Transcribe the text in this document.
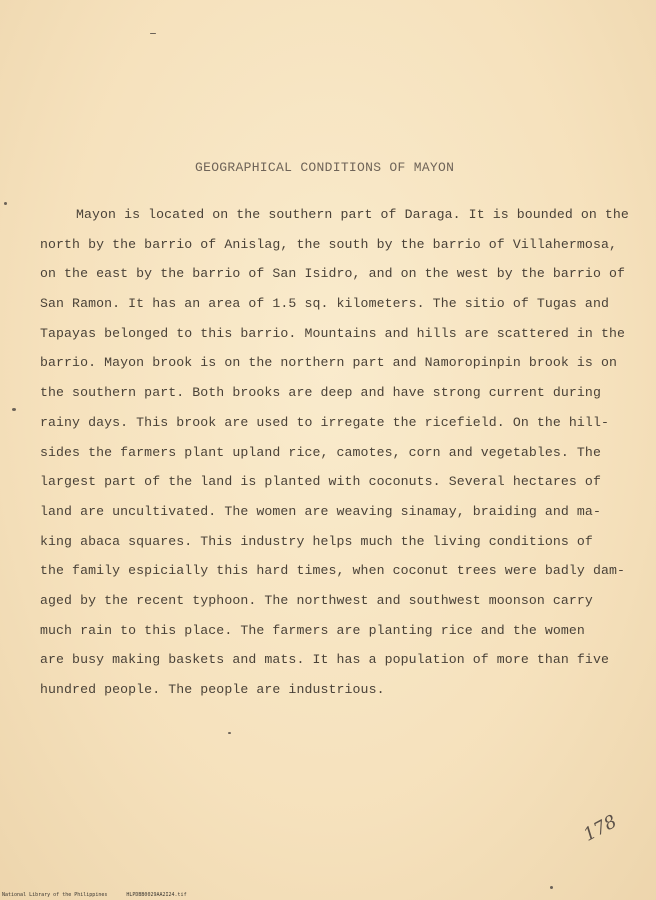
GEOGRAPHICAL CONDITIONS OF MAYON
Mayon is located on the southern part of Daraga. It is bounded on the
north by the barrio of Anislag, the south by the barrio of Villahermosa,
on the east by the barrio of San Isidro, and on the west by the barrio of
San Ramon. It has an area of 1.5 sq. kilometers. The sitio of Tugas and
Tapayas belonged to this barrio. Mountains and hills are scattered in the
barrio. Mayon brook is on the northern part and Namoropinpin brook is on
the southern part. Both brooks are deep and have strong current during
rainy days. This brook are used to irregate the ricefield. On the hill-
sides the farmers plant upland rice, camotes, corn and vegetables. The
largest part of the land is planted with coconuts. Several hectares of
land are uncultivated. The women are weaving sinamay, braiding and ma-
king abaca squares. This industry helps much the living conditions of
the family espicially this hard times, when coconut trees were badly dam-
aged by the recent typhoon. The northwest and southwest moonson carry
much rain to this place. The farmers are planting rice and the women
are busy making baskets and mats. It has a population of more than five
hundred people. The people are industrious.
178
National Library of the Philippines	HLPDBB0029AA2I24.tif
